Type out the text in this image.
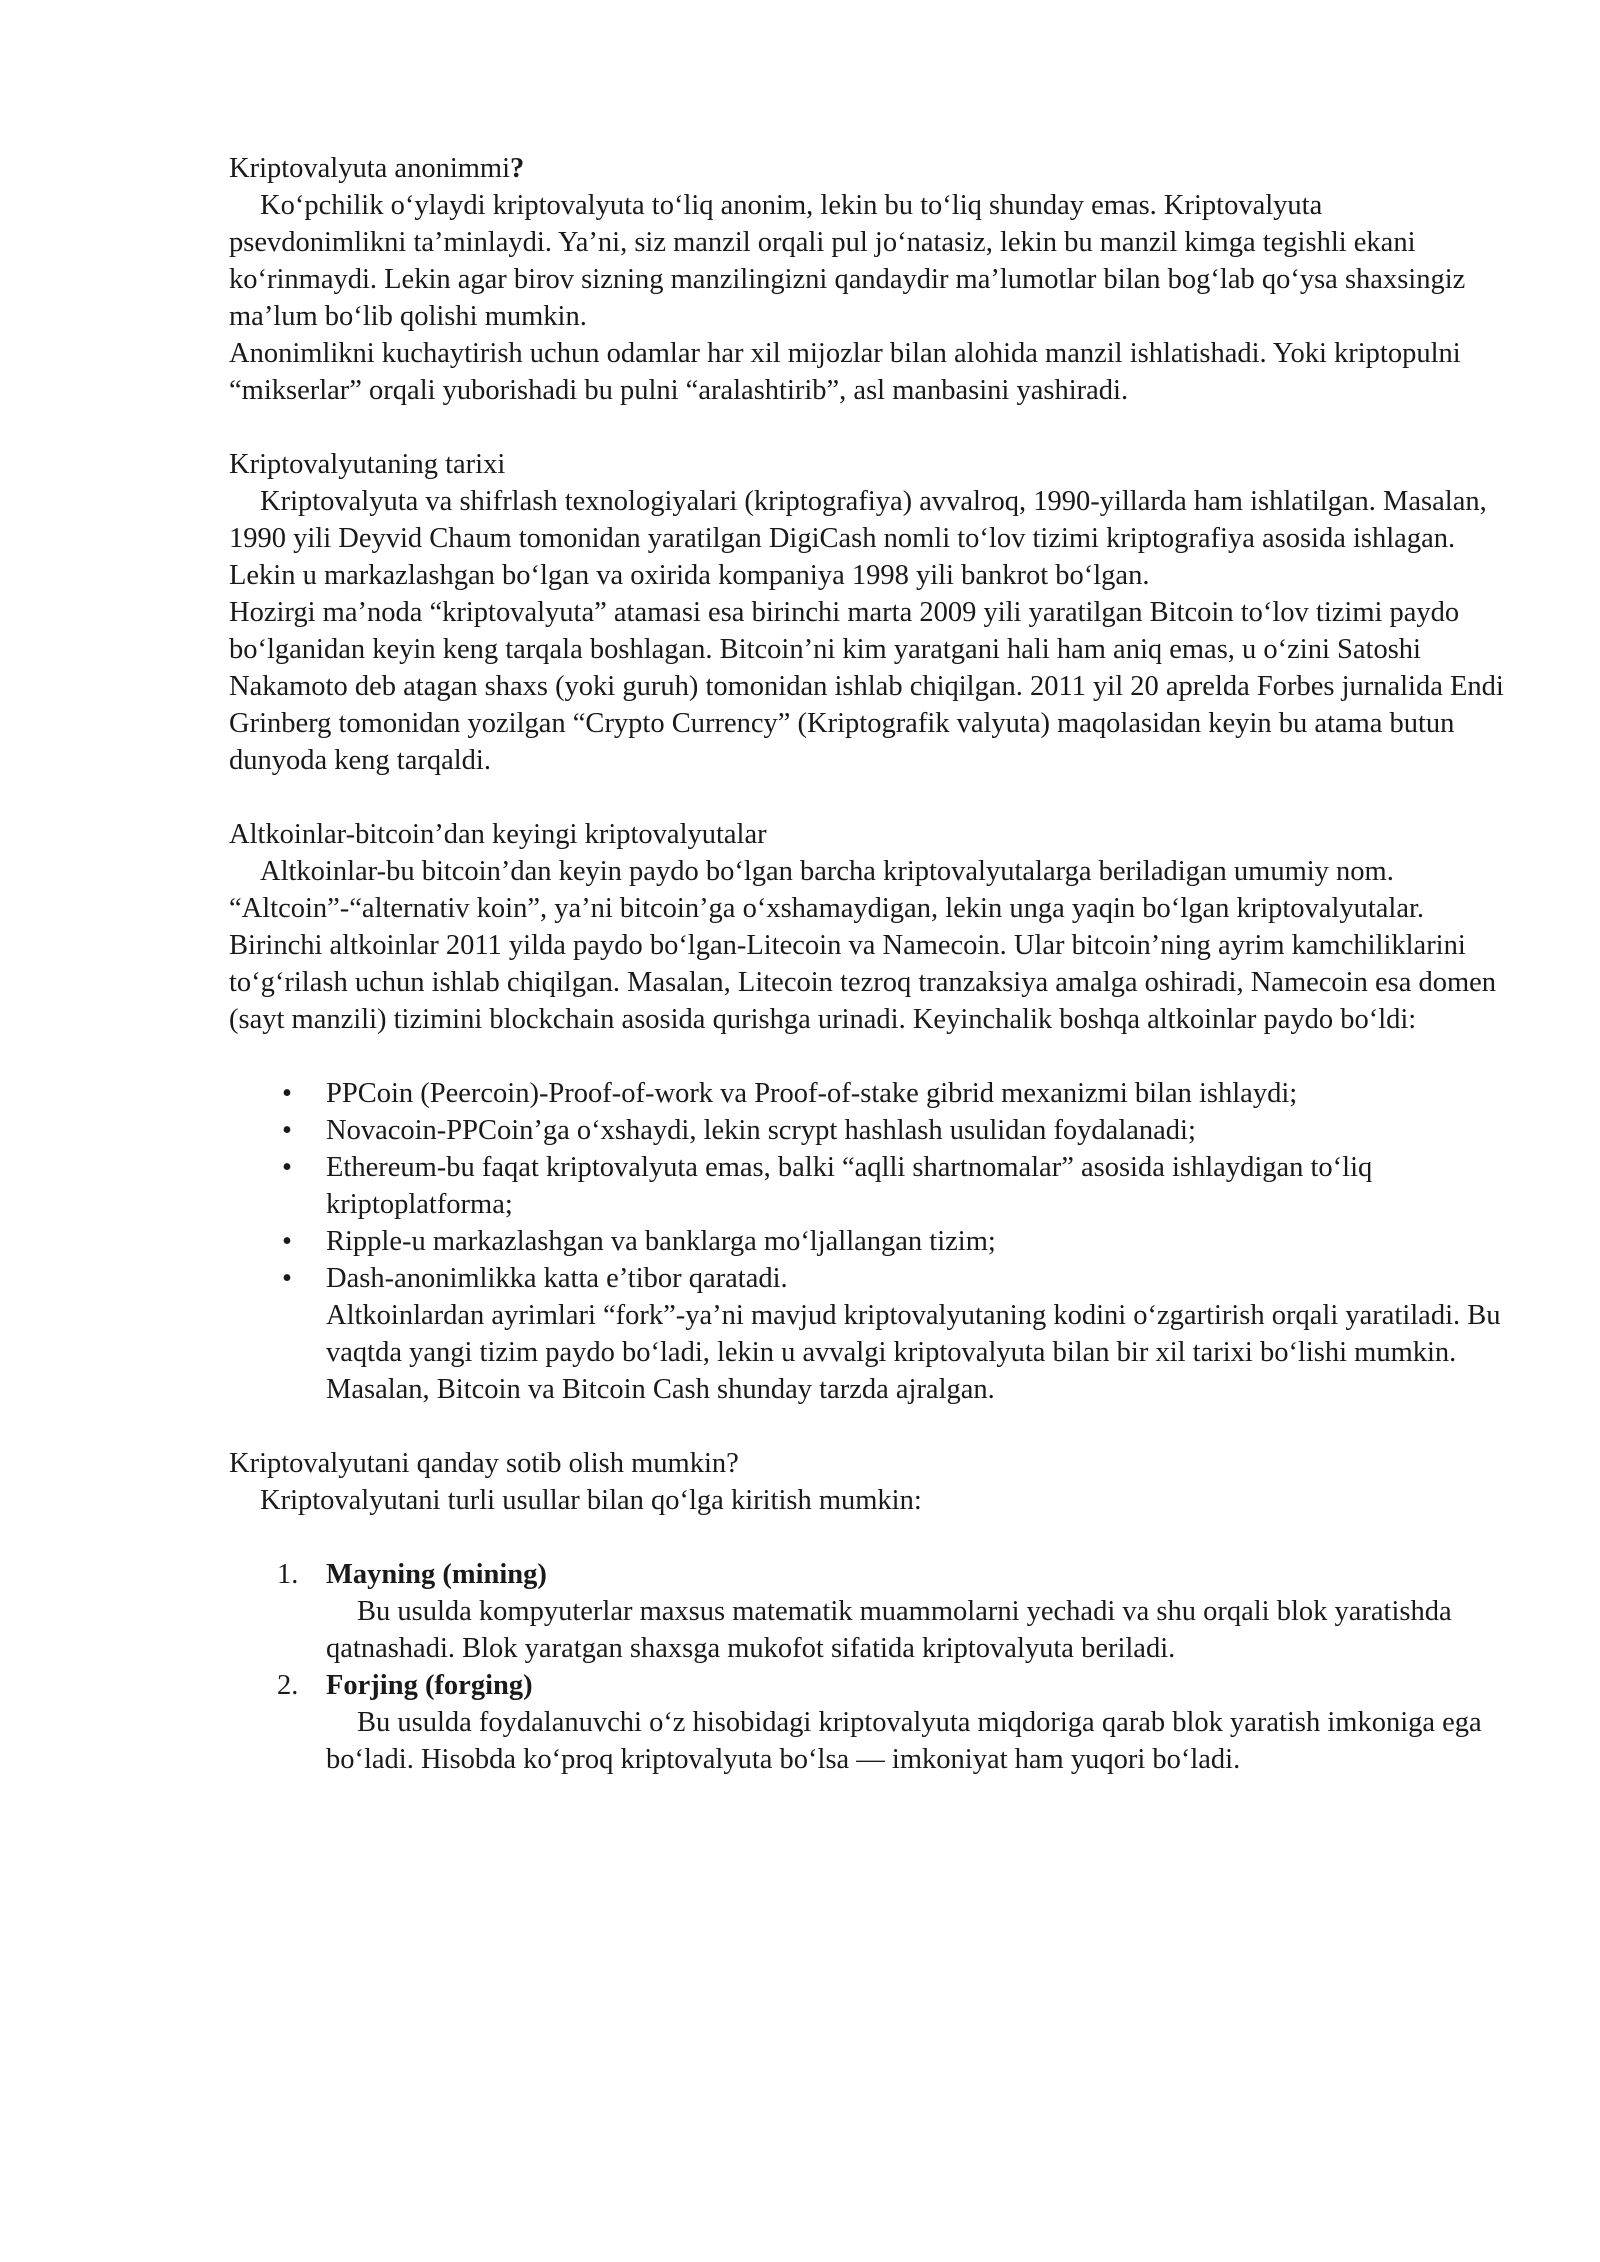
Kriptovalyuta anonimmi?

Ko‘pchilik o‘ylaydi kriptovalyuta to‘liq anonim, lekin bu to‘liq shunday emas. Kriptovalyuta psevdonimlikni ta’minlaydi. Ya’ni, siz manzil orqali pul jo‘natasiz, lekin bu manzil kimga tegishli ekani ko‘rinmaydi. Lekin agar birov sizning manzilingizni qandaydir ma’lumotlar bilan bog‘lab qo‘ysa shaxsingiz ma’lum bo‘lib qolishi mumkin.

Anonimlikni kuchaytirish uchun odamlar har xil mijozlar bilan alohida manzil ishlatishadi. Yoki kriptopulni “mikserlar” orqali yuborishadi bu pulni “aralashtirib”, asl manbasini yashiradi.

Kriptovalyutaning tarixi

Kriptovalyuta va shifrlash texnologiyalari (kriptografiya) avvalroq, 1990-yillarda ham ishlatilgan. Masalan, 1990 yili Deyvid Chaum tomonidan yaratilgan DigiCash nomli to‘lov tizimi kriptografiya asosida ishlagan. Lekin u markazlashgan bo‘lgan va oxirida kompaniya 1998 yili bankrot bo‘lgan.

Hozirgi ma’noda “kriptovalyuta” atamasi esa birinchi marta 2009 yili yaratilgan Bitcoin to‘lov tizimi paydo bo‘lganidan keyin keng tarqala boshlagan. Bitcoin’ni kim yaratgani hali ham aniq emas, u o‘zini Satoshi Nakamoto deb atagan shaxs (yoki guruh) tomonidan ishlab chiqilgan. 2011 yil 20 aprelda Forbes jurnalida Endi Grinberg tomonidan yozilgan “Crypto Currency” (Kriptografik valyuta) maqolasidan keyin bu atama butun dunyoda keng tarqaldi.

Altkoinlar-bitcoin’dan keyingi kriptovalyutalar

Altkoinlar-bu bitcoin’dan keyin paydo bo‘lgan barcha kriptovalyutalarga beriladigan umumiy nom. “Altcoin”-“alternativ koin”, ya’ni bitcoin’ga o‘xshamaydigan, lekin unga yaqin bo‘lgan kriptovalyutalar.

Birinchi altkoinlar 2011 yilda paydo bo‘lgan-Litecoin va Namecoin. Ular bitcoin’ning ayrim kamchiliklarini to‘g‘rilash uchun ishlab chiqilgan. Masalan, Litecoin tezroq tranzaksiya amalga oshiradi, Namecoin esa domen (sayt manzili) tizimini blockchain asosida qurishga urinadi. Keyinchalik boshqa altkoinlar paydo bo‘ldi:

• PPCoin (Peercoin)-Proof-of-work va Proof-of-stake gibrid mexanizmi bilan ishlaydi;
• Novacoin-PPCoin’ga o‘xshaydi, lekin scrypt hashlash usulidan foydalanadi;
• Ethereum-bu faqat kriptovalyuta emas, balki “aqlli shartnomalar” asosida ishlaydigan to‘liq kriptoplatforma;
• Ripple-u markazlashgan va banklarga mo‘ljallangan tizim;
• Dash-anonimlikka katta e’tibor qaratadi.

Altkoinlardan ayrimlari “fork”-ya’ni mavjud kriptovalyutaning kodini o‘zgartirish orqali yaratiladi. Bu vaqtda yangi tizim paydo bo‘ladi, lekin u avvalgi kriptovalyuta bilan bir xil tarixi bo‘lishi mumkin. Masalan, Bitcoin va Bitcoin Cash shunday tarzda ajralgan.

Kriptovalyutani qanday sotib olish mumkin?

Kriptovalyutani turli usullar bilan qo‘lga kiritish mumkin:

1. Mayning (mining)

Bu usulda kompyuterlar maxsus matematik muammolarni yechadi va shu orqali blok yaratishda qatnashadi. Blok yaratgan shaxsga mukofot sifatida kriptovalyuta beriladi.

2. Forjing (forging)

Bu usulda foydalanuvchi o‘z hisobidagi kriptovalyuta miqdoriga qarab blok yaratish imkoniga ega bo‘ladi. Hisobda ko‘proq kriptovalyuta bo‘lsa — imkoniyat ham yuqori bo‘ladi.
